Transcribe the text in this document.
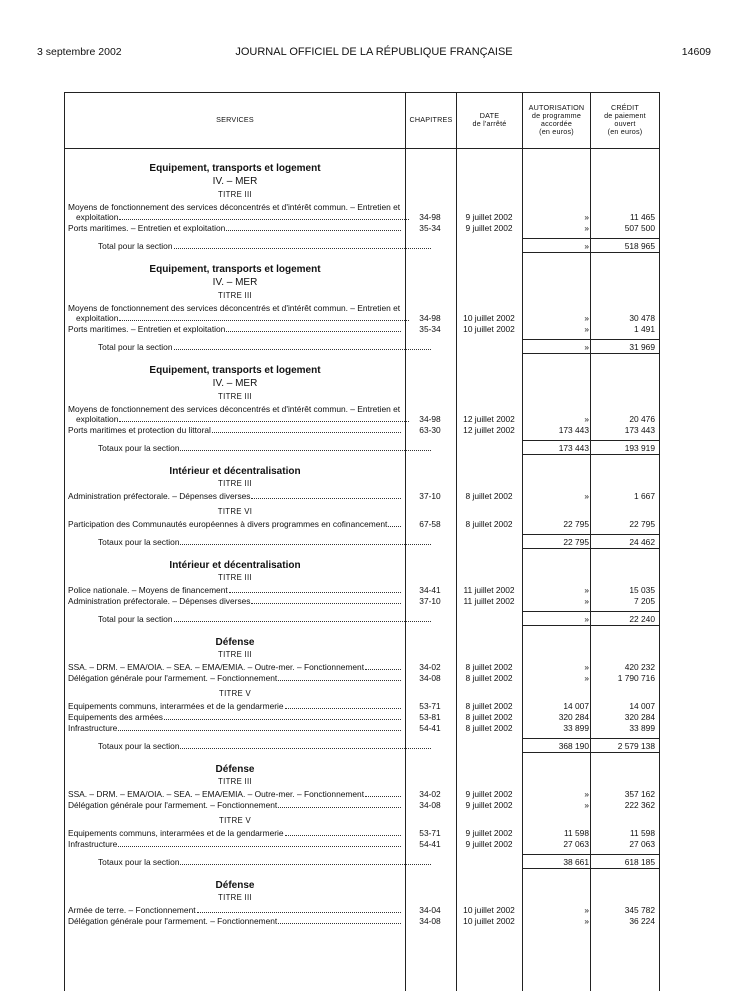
3 septembre 2002	JOURNAL OFFICIEL DE LA RÉPUBLIQUE FRANÇAISE	14609
SERVICES	CHAPITRES	DATE
de l'arrêté
AUTORISATION
de programme
accordée
(en euros)
CRÉDIT
de paiement
ouvert
(en euros)
Equipement, transports et logement
IV. – MER
TITRE III
Moyens de fonctionnement des services déconcentrés et d'intérêt commun. – Entretien et
exploitation	34-98	9 juillet 2002	»	11 465
Ports maritimes. – Entretien et exploitation	35-34	9 juillet 2002	»	507 500
Total pour la section	»	518 965
Equipement, transports et logement
IV. – MER
TITRE III
Moyens de fonctionnement des services déconcentrés et d'intérêt commun. – Entretien et
exploitation	34-98	10 juillet 2002	»	30 478
Ports maritimes. – Entretien et exploitation	35-34	10 juillet 2002	»	1 491
Total pour la section	»	31 969
Equipement, transports et logement
IV. – MER
TITRE III
Moyens de fonctionnement des services déconcentrés et d'intérêt commun. – Entretien et
exploitation	34-98	12 juillet 2002	»	20 476
Ports maritimes et protection du littoral	63-30	12 juillet 2002	173 443	173 443
Totaux pour la section	173 443	193 919
Intérieur et décentralisation
TITRE III
Administration préfectorale. – Dépenses diverses	37-10	8 juillet 2002	»	1 667
TITRE VI
Participation des Communautés européennes à divers programmes en cofinancement	67-58	8 juillet 2002	22 795	22 795
Totaux pour la section	22 795	24 462
Intérieur et décentralisation
TITRE III
Police nationale. – Moyens de financement	34-41	11 juillet 2002	»	15 035
Administration préfectorale. – Dépenses diverses	37-10	11 juillet 2002	»	7 205
Total pour la section	»	22 240
Défense
TITRE III
SSA. – DRM. – EMA/OIA. – SEA. – EMA/EMIA. – Outre-mer. – Fonctionnement	34-02	8 juillet 2002	»	420 232
Délégation générale pour l'armement. – Fonctionnement	34-08	8 juillet 2002	»	1 790 716
TITRE V
Equipements communs, interarmées et de la gendarmerie	53-71	8 juillet 2002	14 007	14 007
Equipements des armées	53-81	8 juillet 2002	320 284	320 284
Infrastructure	54-41	8 juillet 2002	33 899	33 899
Totaux pour la section	368 190	2 579 138
Défense
TITRE III
SSA. – DRM. – EMA/OIA. – SEA. – EMA/EMIA. – Outre-mer. – Fonctionnement	34-02	9 juillet 2002	»	357 162
Délégation générale pour l'armement. – Fonctionnement	34-08	9 juillet 2002	»	222 362
TITRE V
Equipements communs, interarmées et de la gendarmerie	53-71	9 juillet 2002	11 598	11 598
Infrastructure	54-41	9 juillet 2002	27 063	27 063
Totaux pour la section	38 661	618 185
Défense
TITRE III
Armée de terre. – Fonctionnement	34-04	10 juillet 2002	»	345 782
Délégation générale pour l'armement. – Fonctionnement	34-08	10 juillet 2002	»	36 224
